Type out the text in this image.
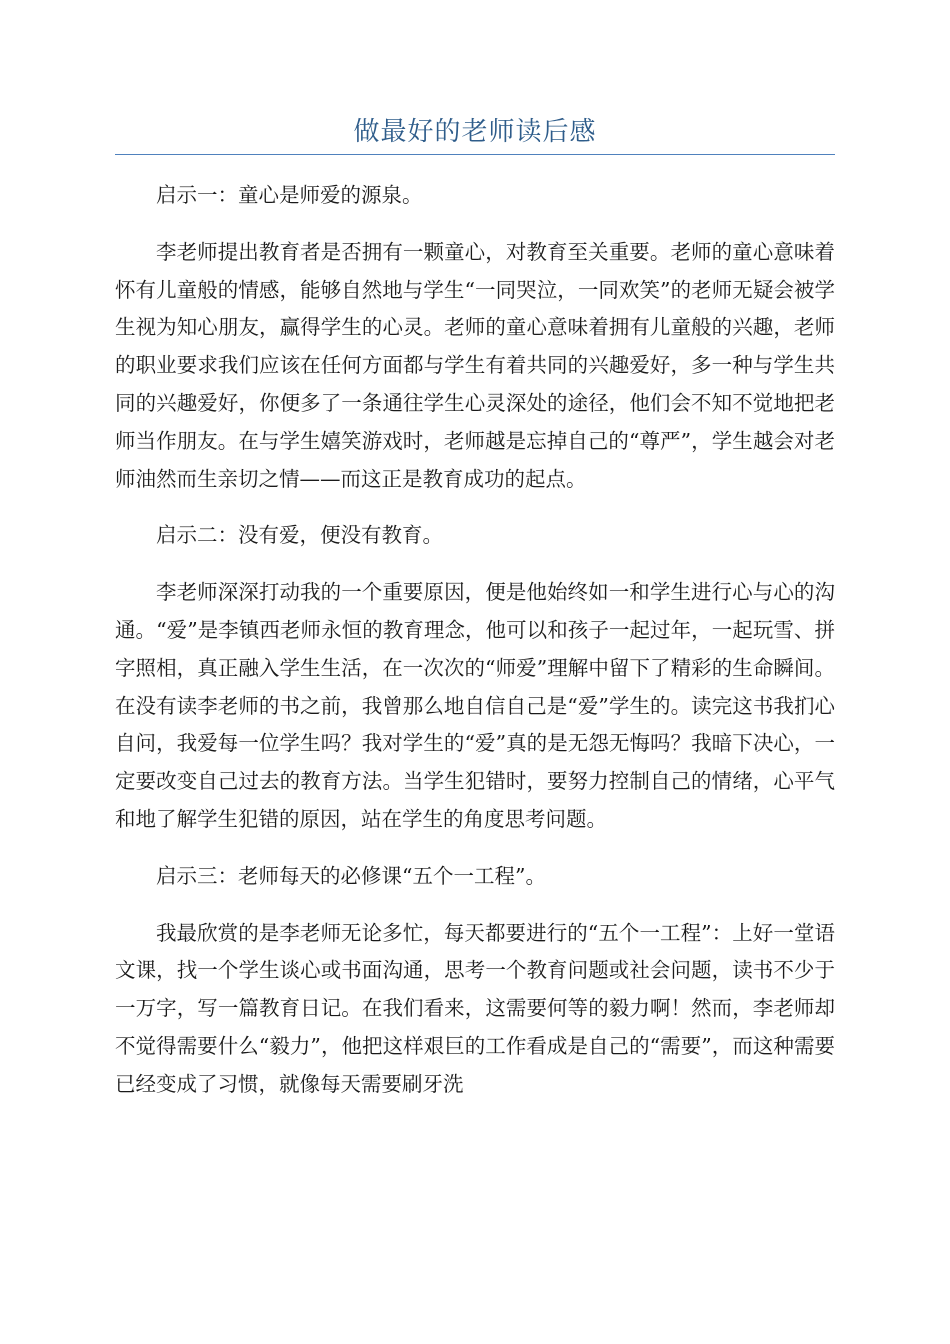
做最好的老师读后感

启示一：童心是师爱的源泉。

李老师提出教育者是否拥有一颗童心，对教育至关重要。老师的童心意味着怀有儿童般的情感，能够自然地与学生“一同哭泣，一同欢笑”的老师无疑会被学生视为知心朋友，赢得学生的心灵。老师的童心意味着拥有儿童般的兴趣，老师的职业要求我们应该在任何方面都与学生有着共同的兴趣爱好，多一种与学生共同的兴趣爱好，你便多了一条通往学生心灵深处的途径，他们会不知不觉地把老师当作朋友。在与学生嬉笑游戏时，老师越是忘掉自己的“尊严”，学生越会对老师油然而生亲切之情——而这正是教育成功的起点。

启示二：没有爱，便没有教育。

李老师深深打动我的一个重要原因，便是他始终如一和学生进行心与心的沟通。“爱”是李镇西老师永恒的教育理念，他可以和孩子一起过年，一起玩雪、拼字照相，真正融入学生生活，在一次次的“师爱”理解中留下了精彩的生命瞬间。在没有读李老师的书之前，我曾那么地自信自己是“爱”学生的。读完这书我扪心自问，我爱每一位学生吗？我对学生的“爱”真的是无怨无悔吗？我暗下决心，一定要改变自己过去的教育方法。当学生犯错时，要努力控制自己的情绪，心平气和地了解学生犯错的原因，站在学生的角度思考问题。

启示三：老师每天的必修课“五个一工程”。

我最欣赏的是李老师无论多忙，每天都要进行的“五个一工程”：上好一堂语文课，找一个学生谈心或书面沟通，思考一个教育问题或社会问题，读书不少于一万字，写一篇教育日记。在我们看来，这需要何等的毅力啊！然而，李老师却不觉得需要什么“毅力”，他把这样艰巨的工作看成是自己的“需要”，而这种需要已经变成了习惯，就像每天需要刷牙洗
